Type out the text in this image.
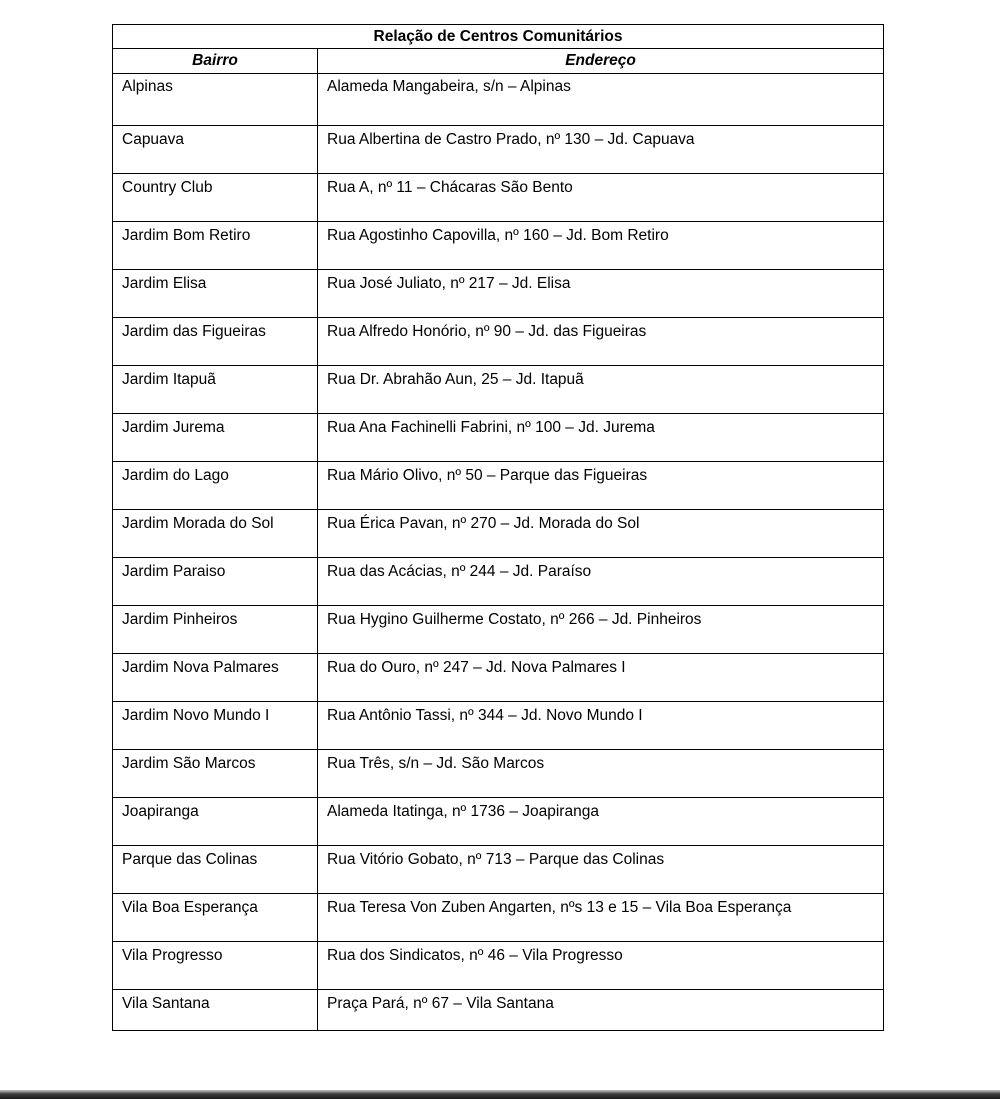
Relação de Centros Comunitários	
Bairro	Endereço
Alpinas	Alameda Mangabeira, s/n – Alpinas
Capuava	Rua Albertina de Castro Prado, nº 130 – Jd. Capuava
Country Club	Rua A, nº 11 – Chácaras São Bento
Jardim Bom Retiro	Rua Agostinho Capovilla, nº 160 – Jd. Bom Retiro
Jardim Elisa	Rua José Juliato, nº 217 – Jd. Elisa
Jardim das Figueiras	Rua Alfredo Honório, nº 90 – Jd. das Figueiras
Jardim Itapuã	Rua Dr. Abrahão Aun, 25 – Jd. Itapuã
Jardim Jurema	Rua Ana Fachinelli Fabrini, nº 100 – Jd. Jurema
Jardim do Lago	Rua Mário Olivo, nº 50 – Parque das Figueiras
Jardim Morada do Sol	Rua Érica Pavan, nº 270 – Jd. Morada do Sol
Jardim Paraiso	Rua das Acácias, nº 244 – Jd. Paraíso
Jardim Pinheiros	Rua Hygino Guilherme Costato, nº 266 – Jd. Pinheiros
Jardim Nova Palmares	Rua do Ouro, nº 247 – Jd. Nova Palmares I
Jardim Novo Mundo I	Rua Antônio Tassi, nº 344 – Jd. Novo Mundo I
Jardim São Marcos	Rua Três, s/n – Jd. São Marcos
Joapiranga	Alameda Itatinga, nº 1736 – Joapiranga
Parque das Colinas	Rua Vitório Gobato, nº 713 – Parque das Colinas
Vila Boa Esperança	Rua Teresa Von Zuben Angarten, nºs 13 e 15 – Vila Boa Esperança
Vila Progresso	Rua dos Sindicatos, nº 46 – Vila Progresso
Vila Santana	Praça Pará, nº 67 – Vila Santana
